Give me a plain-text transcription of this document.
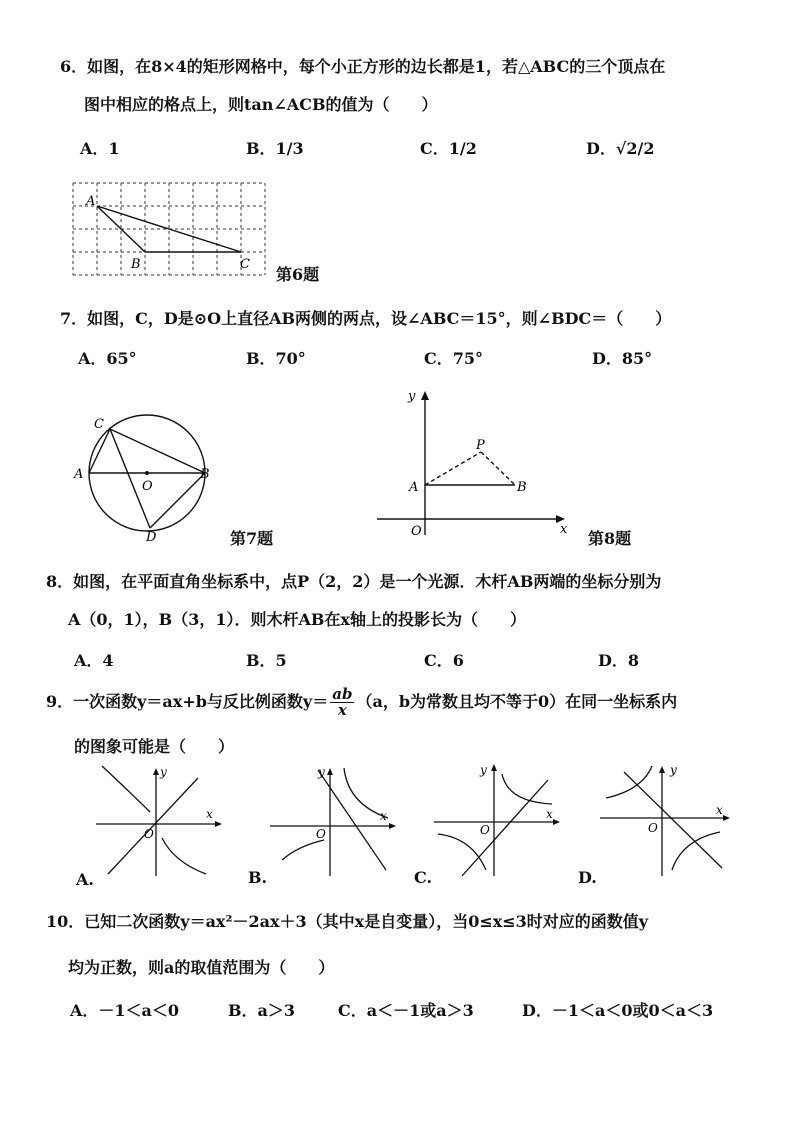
6．如图，在8×4的矩形网格中，每个小正方形的边长都是1，若△ABC的三个顶点在
图中相应的格点上，则tan∠ACB的值为（　　）
A．1	B．1/3	C．1/2	D．√2/2
A
B	C
第6题
7．如图，C，D是⊙O上直径AB两侧的两点，设∠ABC＝15°，则∠BDC＝（　　）
A．65°	B．70°	C．75°	D．85°
C
A
O
B
D	第7题
y
P
A	B
O	x 第8题
8．如图，在平面直角坐标系中，点P（2，2）是一个光源．木杆AB两端的坐标分别为
A（0，1），B（3，1）．则木杆AB在x轴上的投影长为（　　）
A．4	B．5	C．6	D．8
9．一次函数y＝ax+b与反比例函数$y= \frac{ab}{x} (a$，b为常数且均不等于0）在同一坐标系内
的图象可能是（　　）
y
x
O
y
x
O
y
x
O
y
x
O
A.	B.	C.	D.
10．已知二次函数y＝ax²－2ax＋3（其中x是自变量），当0≤x≤3时对应的函数值y
均为正数，则a的取值范围为（　　）
A．－1＜a＜0	B．a＞3	C．a＜－1或a＞3	D．－1＜a＜0或0＜a＜3
